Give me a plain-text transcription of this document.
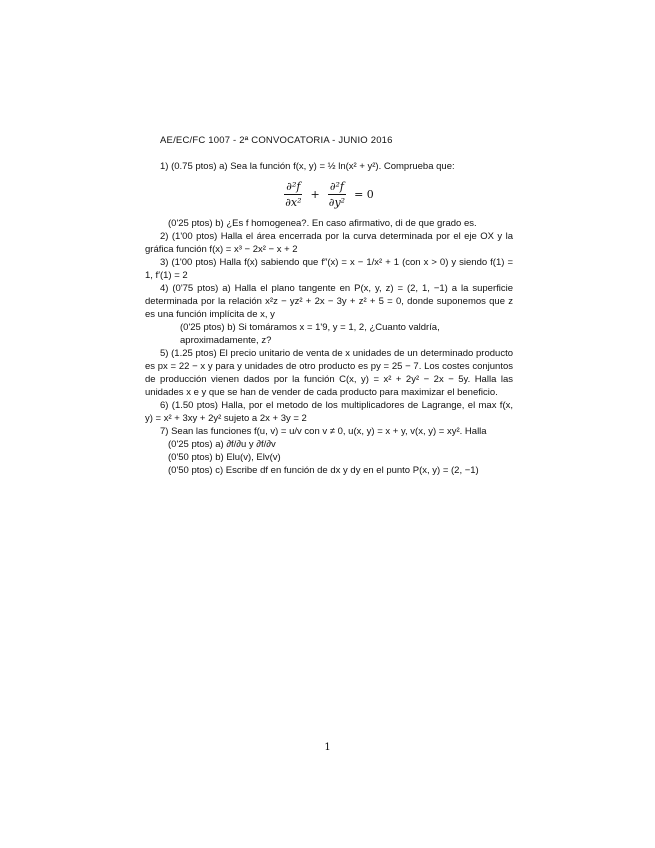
AE/EC/FC 1007 - 2ª CONVOCATORIA - JUNIO 2016

1) (0.75 ptos) a) Sea la función f(x, y) = ½ ln(x² + y²). Comprueba que:

$\frac{\text{∂²f}}{\text{∂x²}} + \frac{\text{∂²f}}{\text{∂y²}} = 0$

(0'25 ptos) b) ¿Es f homogenea?. En caso afirmativo, di de que grado es.

2) (1'00 ptos) Halla el área encerrada por la curva determinada por el eje OX y la gráfica función f(x) = x³ − 2x² − x + 2

3) (1'00 ptos) Halla f(x) sabiendo que f″(x) = x − 1/x² + 1 (con x > 0) y siendo f(1) = 1, f′(1) = 2

4) (0'75 ptos) a) Halla el plano tangente en P(x, y, z) = (2, 1, −1) a la superficie determinada por la relación x²z − yz² + 2x − 3y + z² + 5 = 0, donde suponemos que z es una función implícita de x, y

(0'25 ptos) b) Si tomáramos x = 1'9, y = 1, 2, ¿Cuanto valdría, aproximadamente, z?

5) (1.25 ptos) El precio unitario de venta de x unidades de un determinado producto es px = 22 − x y para y unidades de otro producto es py = 25 − 7. Los costes conjuntos de producción vienen dados por la función C(x, y) = x² + 2y² − 2x − 5y. Halla las unidades x e y que se han de vender de cada producto para maximizar el beneficio.

6) (1.50 ptos) Halla, por el metodo de los multiplicadores de Lagrange, el max f(x, y) = x² + 3xy + 2y² sujeto a 2x + 3y = 2

7) Sean las funciones f(u, v) = u/v con v ≠ 0, u(x, y) = x + y, v(x, y) = xy². Halla

(0'25 ptos) a) ∂f/∂u y ∂f/∂v

(0'50 ptos) b) Elu(v), Elv(v)

(0'50 ptos) c) Escribe df en función de dx y dy en el punto P(x, y) = (2, −1)

1
